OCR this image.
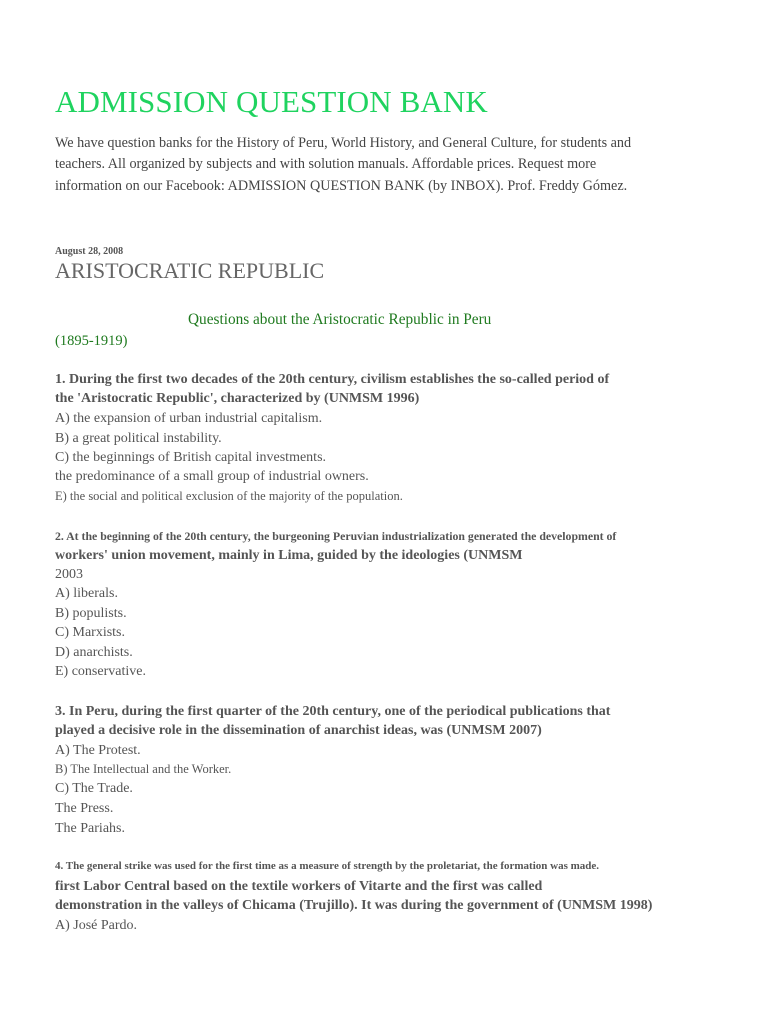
ADMISSION QUESTION BANK

We have question banks for the History of Peru, World History, and General Culture, for students and teachers. All organized by subjects and with solution manuals. Affordable prices. Request more information on our Facebook: ADMISSION QUESTION BANK (by INBOX). Prof. Freddy Gómez.

August 28, 2008

ARISTOCRATIC REPUBLIC

Questions about the Aristocratic Republic in Peru

(1895-1919)

1. During the first two decades of the 20th century, civilism establishes the so-called period of

the 'Aristocratic Republic', characterized by (UNMSM 1996)

A) the expansion of urban industrial capitalism.

B) a great political instability.

C) the beginnings of British capital investments.

the predominance of a small group of industrial owners.

E) the social and political exclusion of the majority of the population.

2. At the beginning of the 20th century, the burgeoning Peruvian industrialization generated the development of

workers' union movement, mainly in Lima, guided by the ideologies (UNMSM

2003

A) liberals.

B) populists.

C) Marxists.

D) anarchists.

E) conservative.

3. In Peru, during the first quarter of the 20th century, one of the periodical publications that

played a decisive role in the dissemination of anarchist ideas, was (UNMSM 2007)

A) The Protest.

B) The Intellectual and the Worker.

C) The Trade.

The Press.

The Pariahs.

4. The general strike was used for the first time as a measure of strength by the proletariat, the formation was made.

first Labor Central based on the textile workers of Vitarte and the first was called

demonstration in the valleys of Chicama (Trujillo). It was during the government of (UNMSM 1998)

A) José Pardo.
